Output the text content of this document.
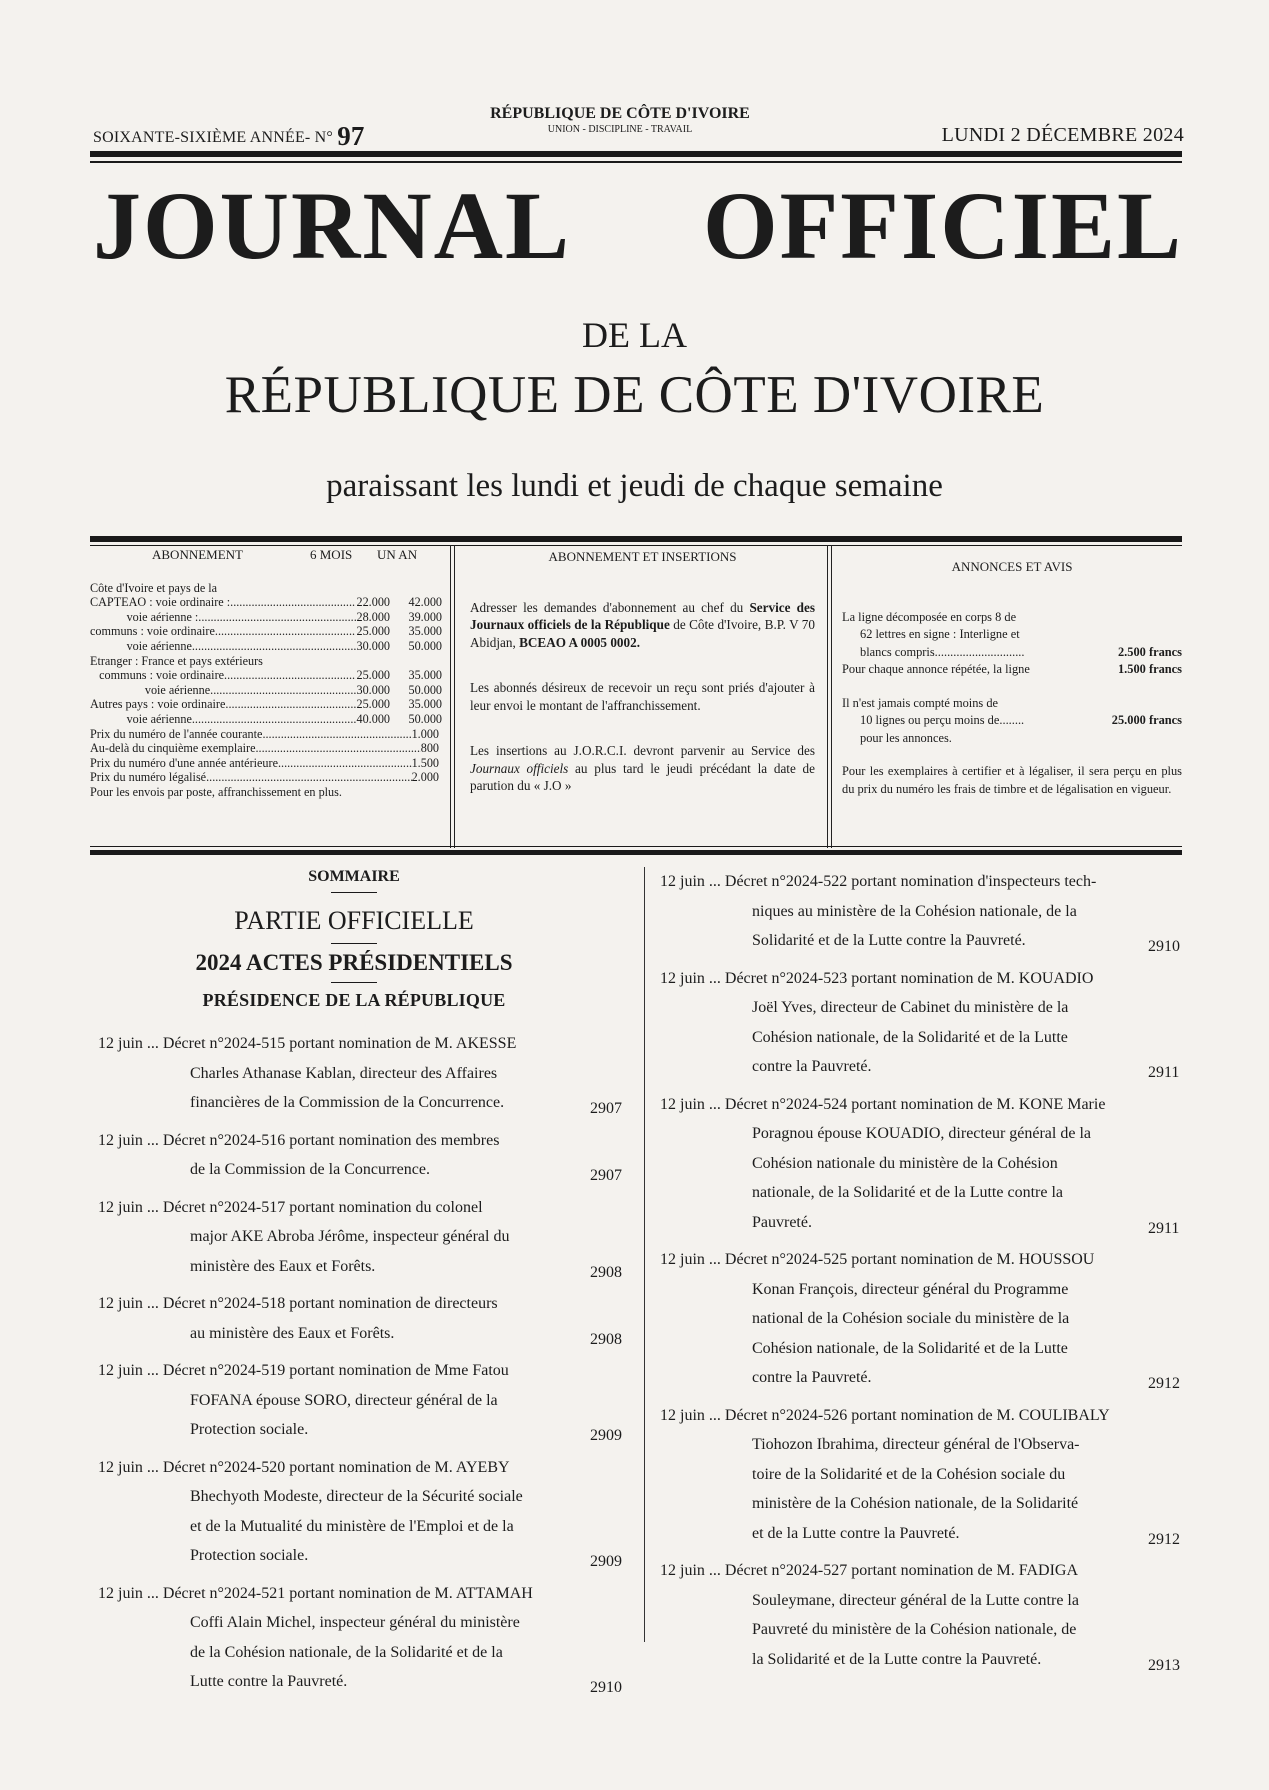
SOIXANTE-SIXIÈME ANNÉE- N° 97
RÉPUBLIQUE DE CÔTE D'IVOIRE
UNION - DISCIPLINE - TRAVAIL	LUNDI 2 DÉCEMBRE 2024
JOURNAL OFFICIEL
DE LA
RÉPUBLIQUE DE CÔTE D'IVOIRE
paraissant les lundi et jeudi de chaque semaine
ABONNEMENT	6 MOIS	UN AN
Côte d'Ivoire et pays de la
CAPTEAO : voie ordinaire : .....	22.000	42.000
voie aérienne : .....	28.000	39.000
communs : voie ordinaire .....	25.000	35.000
voie aérienne .....	30.000	50.000
Etranger : France et pays extérieurs
communs : voie ordinaire .....	25.000	35.000
voie aérienne .....	30.000	50.000
Autres pays : voie ordinaire .....	25.000	35.000
voie aérienne .....	40.000	50.000
Prix du numéro de l'année courante .....	1.000
Au-delà du cinquième exemplaire .....	800
Prix du numéro d'une année antérieure .....	1.500
Prix du numéro légalisé .....	2.000
Pour les envois par poste, affranchissement en plus.
ABONNEMENT ET INSERTIONS

Adresser les demandes d'abonnement au chef du Service des Journaux officiels de la République de Côte d'Ivoire, B.P. V 70 Abidjan, BCEAO A 0005 0002.

Les abonnés désireux de recevoir un reçu sont priés d'ajouter à leur envoi le montant de l'affranchissement.

Les insertions au J.O.R.C.I. devront parvenir au Service des Journaux officiels au plus tard le jeudi précédant la date de parution du « J.O »

ANNONCES ET AVIS
La ligne décomposée en corps 8 de
62 lettres en signe : Interligne et
blancs compris.............................	2.500 francs
Pour chaque annonce répétée, la ligne	1.500 francs
Il n'est jamais compté moins de
10 lignes ou perçu moins de........	25.000 francs
pour les annonces.
Pour les exemplaires à certifier et à légaliser, il sera perçu en plus du prix du numéro les frais de timbre et de légalisation en vigueur.
SOMMAIRE
PARTIE OFFICIELLE
2024 ACTES PRÉSIDENTIELS
PRÉSIDENCE DE LA RÉPUBLIQUE
12 juin ... Décret n°2024-515 portant nomination de M. AKESSE
Charles Athanase Kablan, directeur des Affaires
financières de la Commission de la Concurrence.	2907
12 juin ... Décret n°2024-516 portant nomination des membres
de la Commission de la Concurrence.	2907
12 juin ... Décret n°2024-517 portant nomination du colonel
major AKE Abroba Jérôme, inspecteur général du
ministère des Eaux et Forêts.	2908
12 juin ... Décret n°2024-518 portant nomination de directeurs
au ministère des Eaux et Forêts.	2908
12 juin ... Décret n°2024-519 portant nomination de Mme Fatou
FOFANA épouse SORO, directeur général de la
Protection sociale.	2909
12 juin ... Décret n°2024-520 portant nomination de M. AYEBY
Bhechyoth Modeste, directeur de la Sécurité sociale
et de la Mutualité du ministère de l'Emploi et de la
Protection sociale.	2909
12 juin ... Décret n°2024-521 portant nomination de M. ATTAMAH
Coffi Alain Michel, inspecteur général du ministère
de la Cohésion nationale, de la Solidarité et de la
Lutte contre la Pauvreté.	2910
12 juin ... Décret n°2024-522 portant nomination d'inspecteurs tech-
niques au ministère de la Cohésion nationale, de la
Solidarité et de la Lutte contre la Pauvreté.	2910
12 juin ... Décret n°2024-523 portant nomination de M. KOUADIO
Joël Yves, directeur de Cabinet du ministère de la
Cohésion nationale, de la Solidarité et de la Lutte
contre la Pauvreté.	2911
12 juin ... Décret n°2024-524 portant nomination de M. KONE Marie
Poragnou épouse KOUADIO, directeur général de la
Cohésion nationale du ministère de la Cohésion
nationale, de la Solidarité et de la Lutte contre la
Pauvreté.	2911
12 juin ... Décret n°2024-525 portant nomination de M. HOUSSOU
Konan François, directeur général du Programme
national de la Cohésion sociale du ministère de la
Cohésion nationale, de la Solidarité et de la Lutte
contre la Pauvreté.	2912
12 juin ... Décret n°2024-526 portant nomination de M. COULIBALY
Tiohozon Ibrahima, directeur général de l'Observa-
toire de la Solidarité et de la Cohésion sociale du
ministère de la Cohésion nationale, de la Solidarité
et de la Lutte contre la Pauvreté.	2912
12 juin ... Décret n°2024-527 portant nomination de M. FADIGA
Souleymane, directeur général de la Lutte contre la
Pauvreté du ministère de la Cohésion nationale, de
la Solidarité et de la Lutte contre la Pauvreté.	2913
